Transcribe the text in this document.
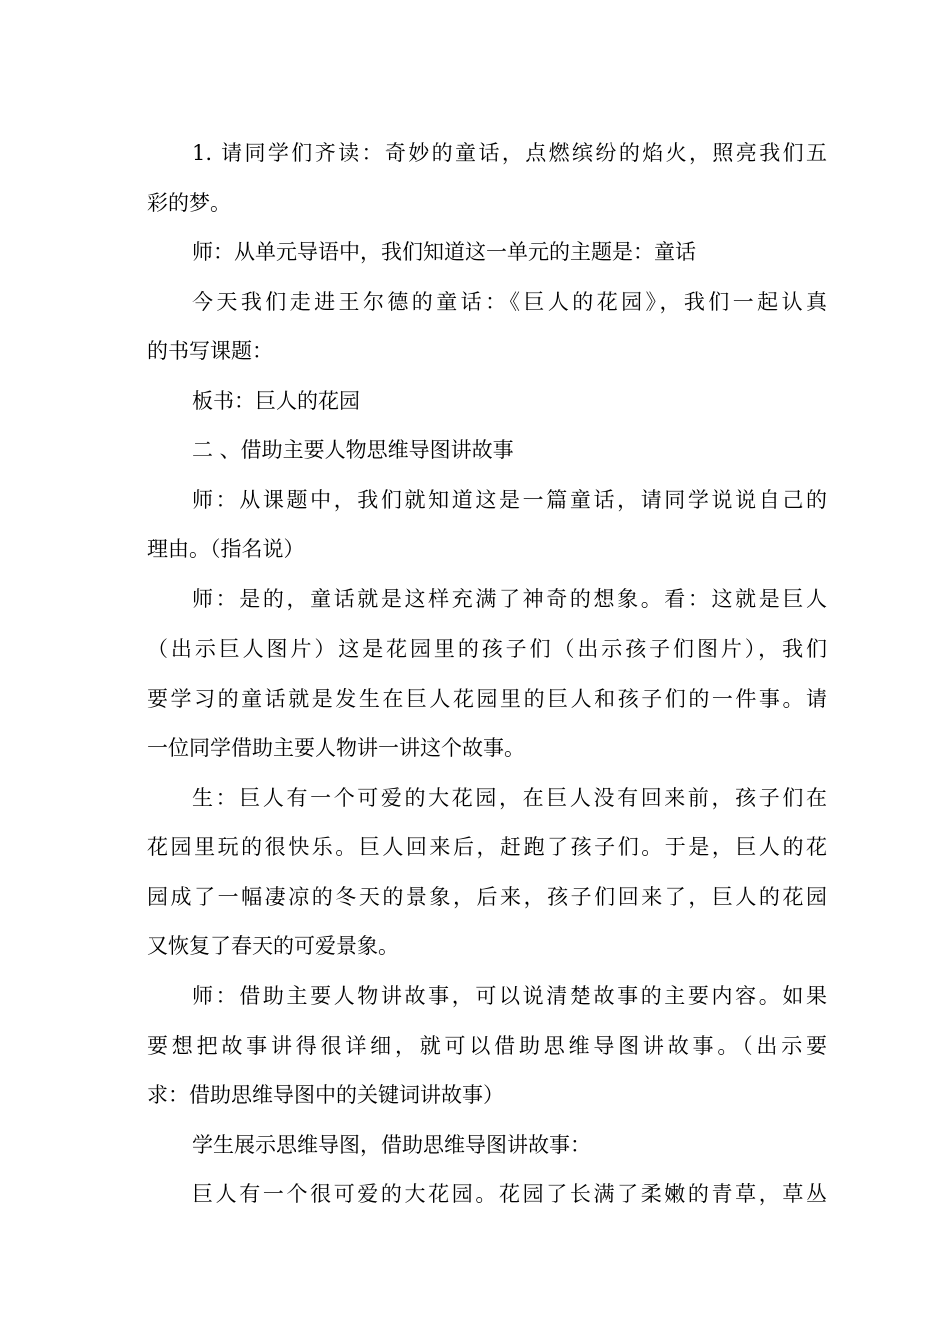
1. 请同学们齐读：奇妙的童话，点燃缤纷的焰火，照亮我们五
彩的梦。
师：从单元导语中，我们知道这一单元的主题是：童话
今天我们走进王尔德的童话：《巨人的花园》，我们一起认真
的书写课题：
板书：巨人的花园
二 、借助主要人物思维导图讲故事
师：从课题中，我们就知道这是一篇童话，请同学说说自己的
理由。（指名说）
师：是的，童话就是这样充满了神奇的想象。看：这就是巨人
（出示巨人图片）这是花园里的孩子们（出示孩子们图片），我们
要学习的童话就是发生在巨人花园里的巨人和孩子们的一件事。请
一位同学借助主要人物讲一讲这个故事。
生：巨人有一个可爱的大花园，在巨人没有回来前，孩子们在
花园里玩的很快乐。巨人回来后，赶跑了孩子们。于是，巨人的花
园成了一幅凄凉的冬天的景象，后来，孩子们回来了，巨人的花园
又恢复了春天的可爱景象。
师：借助主要人物讲故事，可以说清楚故事的主要内容。如果
要想把故事讲得很详细，就可以借助思维导图讲故事。（出示要
求：借助思维导图中的关键词讲故事）
学生展示思维导图，借助思维导图讲故事：
巨人有一个很可爱的大花园。花园了长满了柔嫩的青草，草丛
